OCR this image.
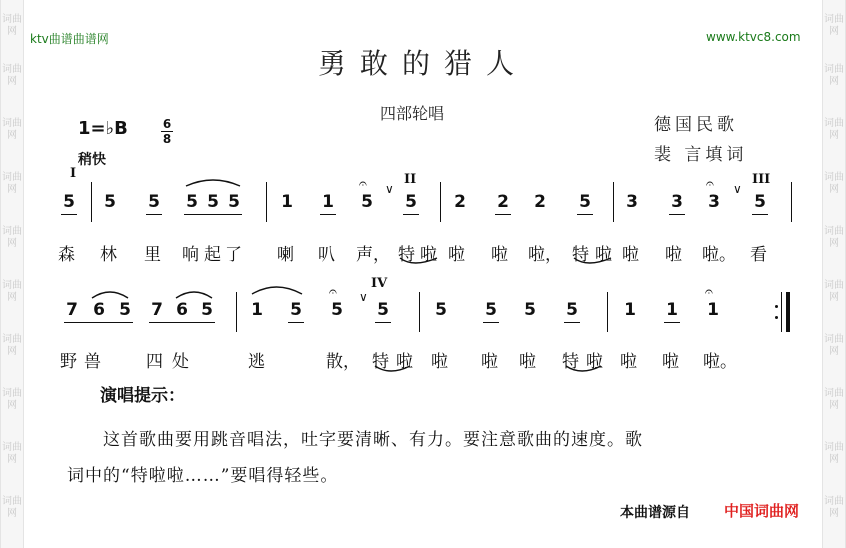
词曲网
词曲网
词曲网
词曲网
词曲网
词曲网
词曲网
词曲网
词曲网
词曲网
词曲网
词曲网
词曲网
词曲网
词曲网
词曲网
词曲网
词曲网
词曲网
词曲网
ktv曲谱曲谱网	www.ktvc8.com
勇敢的猎人
四部轮唱
德国民歌
裴 言填词
1=♭B	6
8
稍快
I	II	III
5 5 5 5 5 5 1 1 5 5 2 2 2 5 3 3 3 5
𝄐	𝄐
∨	∨
森 林 里 响 起 了 喇 叭 声， 特 啦 啦 啦 啦， 特 啦 啦 啦 啦。 看
IV
7 6 5 7 6 5 1 5 5 5	5 5 5 5	1 1 1
𝄐	𝄐
∨
野 兽	四 处	逃	散， 特 啦 啦 啦 啦 特 啦 啦 啦 啦。
演唱提示：
这首歌曲要用跳音唱法，吐字要清晰、有力。要注意歌曲的速度。歌
词中的“特啦啦……”要唱得轻些。
本曲谱源自 中国词曲网
